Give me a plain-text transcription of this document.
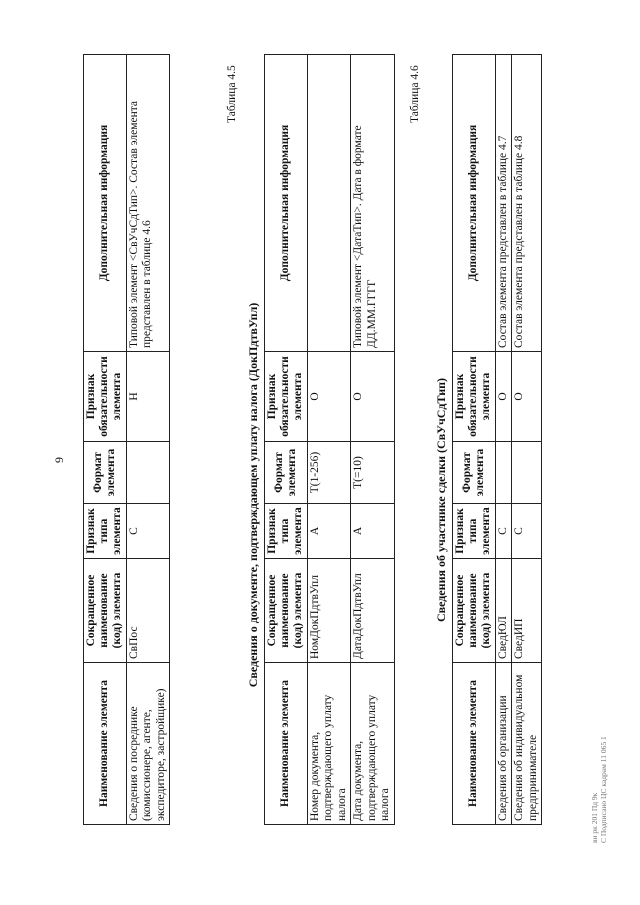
9
Наименование элемента	Сокращенное наименование (код) элемента	Признак типа элемента	Формат элемента	Признак обязательности элемента	Дополнительная информация
Сведения о посреднике (комиссионере, агенте, экспедиторе, застройщике)	СвПос	С		Н	Типовой элемент <СвУчСдТип>. Состав элемента представлен в таблице 4.6
Таблица 4.5
Сведения о документе, подтверждающем уплату налога (ДокПдтвУпл)
Наименование элемента	Сокращенное наименование (код) элемента	Признак типа элемента	Формат элемента	Признак обязательности элемента	Дополнительная информация
Номер документа, подтверждающего уплату налога	НомДокПдтвУпл	А	T(1-256)	О	
Дата документа, подтверждающего уплату налога	ДатаДокПдтвУпл	А	T(=10)	О	Типовой элемент <ДатаТип>. Дата в формате ДД.ММ.ГГГГ
Таблица 4.6
Сведения об участнике сделки (СвУчСдТип)
Наименование элемента	Сокращенное наименование (код) элемента	Признак типа элемента	Формат элемента	Признак обязательности элемента	Дополнительная информация
Сведения об организации	СведЮЛ	С		О	Состав элемента представлен в таблице 4.7
Сведения об индивидуальном предпринимателе	СведИП	С		О	Состав элемента представлен в таблице 4.8
вн рк 201 Пд 9к С Подписано ЦС кадрам 11 065 1
